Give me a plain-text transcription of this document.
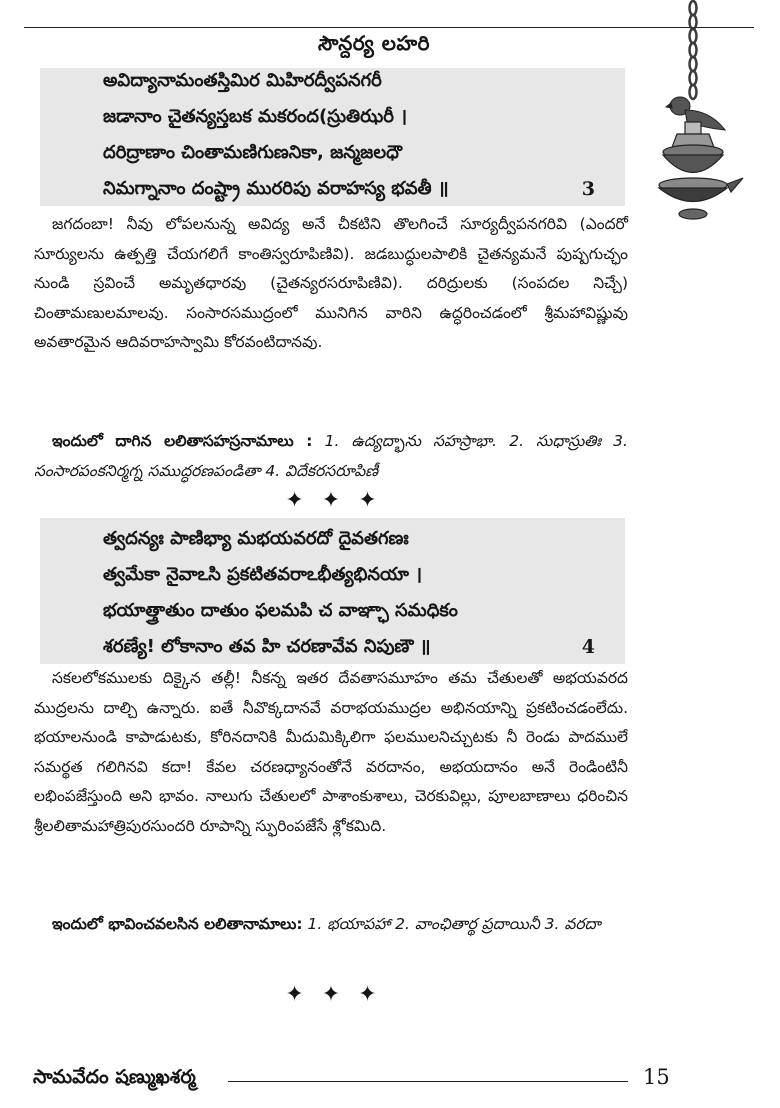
సౌన్దర్య లహరి
అవిద్యానామంతస్తిమిర మిహిరద్వీపనగరీ
జడానాం చైతన్యస్తబక మకరంద(స్రుతిఝరీ ।
దరిద్రాణాం చింతామణిగుణనికా, జన్మజలధౌ
నిమగ్నానాం దంష్ట్రా మురరిపు వరాహస్య భవతీ ॥	3

జగదంబా! నీవు లోపలనున్న అవిద్య అనే చీకటిని తొలగించే సూర్యద్వీపనగరివి (ఎందరో సూర్యులను ఉత్పత్తి చేయగలిగే కాంతిస్వరూపిణివి). జడబుద్ధులపాలికి చైతన్యమనే పుష్పగుచ్ఛం నుండి స్రవించే అమృతధారవు (చైతన్యరసరూపిణివి). దరిద్రులకు (సంపదల నిచ్చే) చింతామణులమాలవు. సంసారసముద్రంలో మునిగిన వారిని ఉద్ధరించడంలో శ్రీమహావిష్ణువు అవతారమైన ఆదివరాహస్వామి కోరవంటిదానవు.

ఇందులో దాగిన లలితాసహస్రనామాలు : 1. ఉద్యద్భాను సహస్రాభా. 2. సుధాస్రుతిః 3. సంసారపంకనిర్మగ్న సముద్ధరణపండితా 4. విదేకరసరూపిణీ

✦✦✦
త్వదన్యః పాణిభ్యా మభయవరదో దైవతగణః
త్వమేకా నైవాఽసి ప్రకటితవరాఽభీత్యభినయా ।
భయాత్త్రాతుం దాతుం ఫలమపి చ వాఞ్ఛా సమధికం
శరణ్యే! లోకానాం తవ హి చరణావేవ నిపుణౌ ॥	4

సకలలోకములకు దిక్కైన తల్లీ! నీకన్న ఇతర దేవతాసమూహం తమ చేతులతో అభయవరద ముద్రలను దాల్చి ఉన్నారు. ఐతే నీవొక్కదానవే వరాభయముద్రల అభినయాన్ని ప్రకటించడంలేదు. భయాలనుండి కాపాడుటకు, కోరినదానికి మీదుమిక్కిలిగా ఫలములనిచ్చుటకు నీ రెండు పాదములే సమర్థత గలిగినవి కదా! కేవల చరణధ్యానంతోనే వరదానం, అభయదానం అనే రెండింటినీ లభింపజేస్తుంది అని భావం. నాలుగు చేతులలో పాశాంకుశాలు, చెరకువిల్లు, పూలబాణాలు ధరించిన శ్రీలలితామహాత్రిపురసుందరి రూపాన్ని స్ఫురింపజేసే శ్లోకమిది.

ఇందులో భావించవలసిన లలితానామాలు: 1. భయాపహా 2. వాంఛితార్థ ప్రదాయినీ 3. వరదా

✦✦✦
సామవేదం షణ్ముఖశర్మ	15
